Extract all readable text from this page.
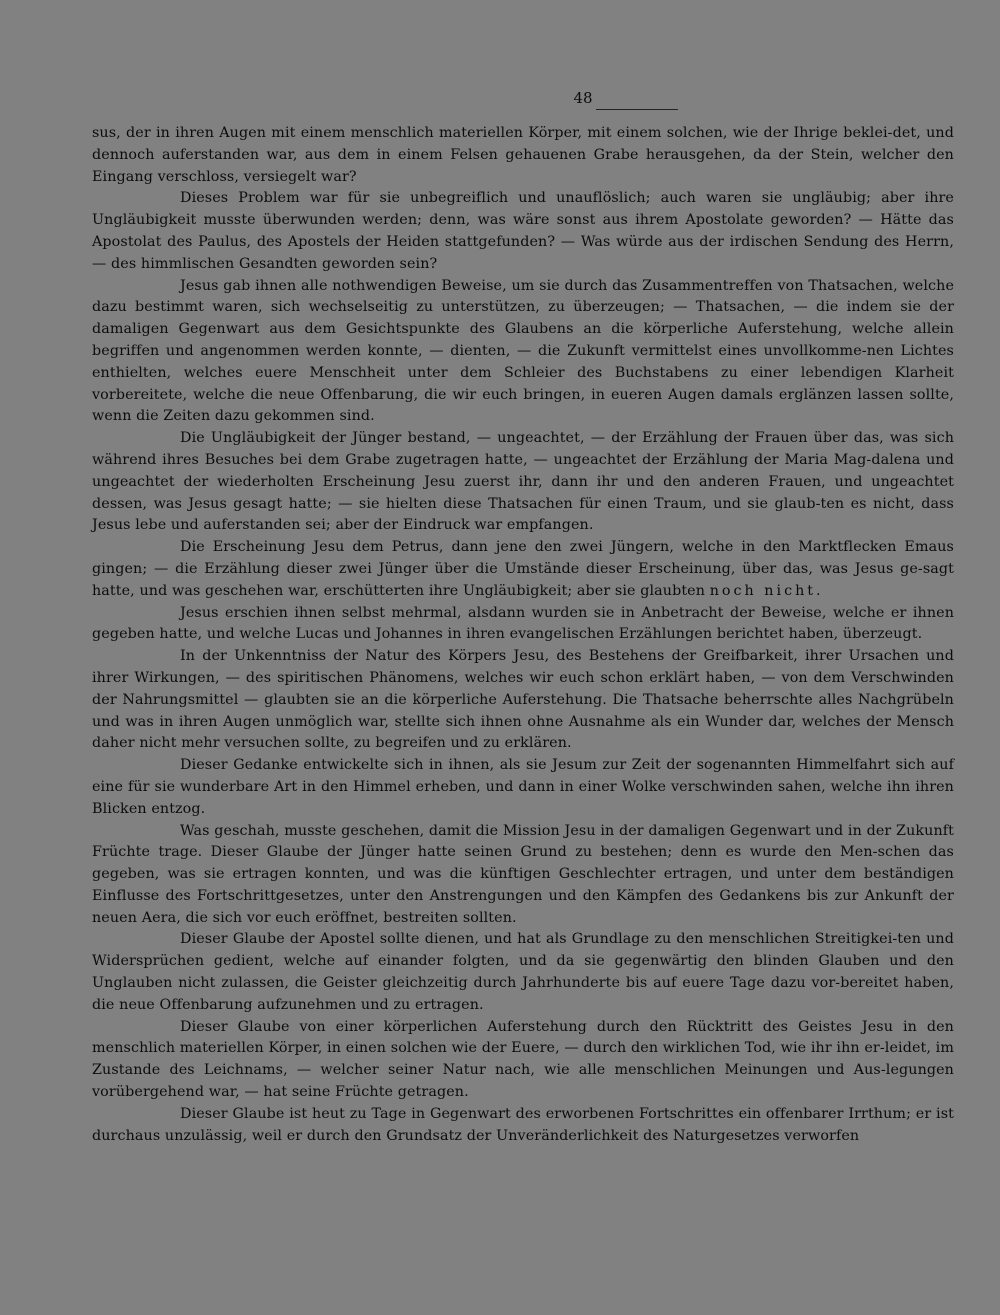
48

sus, der in ihren Augen mit einem menschlich materiellen Körper, mit einem solchen, wie der Ihrige beklei-det, und dennoch auferstanden war, aus dem in einem Felsen gehauenen Grabe herausgehen, da der Stein, welcher den Eingang verschloss, versiegelt war?

Dieses Problem war für sie unbegreiflich und unauflöslich; auch waren sie ungläubig; aber ihre Ungläubigkeit musste überwunden werden; denn, was wäre sonst aus ihrem Apostolate geworden? — Hätte das Apostolat des Paulus, des Apostels der Heiden stattgefunden? — Was würde aus der irdischen Sendung des Herrn, — des himmlischen Gesandten geworden sein?

Jesus gab ihnen alle nothwendigen Beweise, um sie durch das Zusammentreffen von Thatsachen, welche dazu bestimmt waren, sich wechselseitig zu unterstützen, zu überzeugen; — Thatsachen, — die indem sie der damaligen Gegenwart aus dem Gesichtspunkte des Glaubens an die körperliche Auferstehung, welche allein begriffen und angenommen werden konnte, — dienten, — die Zukunft vermittelst eines unvollkomme-nen Lichtes enthielten, welches euere Menschheit unter dem Schleier des Buchstabens zu einer lebendigen Klarheit vorbereitete, welche die neue Offenbarung, die wir euch bringen, in eueren Augen damals erglänzen lassen sollte, wenn die Zeiten dazu gekommen sind.

Die Ungläubigkeit der Jünger bestand, — ungeachtet, — der Erzählung der Frauen über das, was sich während ihres Besuches bei dem Grabe zugetragen hatte, — ungeachtet der Erzählung der Maria Mag-dalena und ungeachtet der wiederholten Erscheinung Jesu zuerst ihr, dann ihr und den anderen Frauen, und ungeachtet dessen, was Jesus gesagt hatte; — sie hielten diese Thatsachen für einen Traum, und sie glaub-ten es nicht, dass Jesus lebe und auferstanden sei; aber der Eindruck war empfangen.

Die Erscheinung Jesu dem Petrus, dann jene den zwei Jüngern, welche in den Marktflecken Emaus gingen; — die Erzählung dieser zwei Jünger über die Umstände dieser Erscheinung, über das, was Jesus ge-sagt hatte, und was geschehen war, erschütterten ihre Ungläubigkeit; aber sie glaubten noch nicht.

Jesus erschien ihnen selbst mehrmal, alsdann wurden sie in Anbetracht der Beweise, welche er ihnen gegeben hatte, und welche Lucas und Johannes in ihren evangelischen Erzählungen berichtet haben, überzeugt.

In der Unkenntniss der Natur des Körpers Jesu, des Bestehens der Greifbarkeit, ihrer Ursachen und ihrer Wirkungen, — des spiritischen Phänomens, welches wir euch schon erklärt haben, — von dem Verschwinden der Nahrungsmittel — glaubten sie an die körperliche Auferstehung. Die Thatsache beherrschte alles Nachgrübeln und was in ihren Augen unmöglich war, stellte sich ihnen ohne Ausnahme als ein Wunder dar, welches der Mensch daher nicht mehr versuchen sollte, zu begreifen und zu erklären.

Dieser Gedanke entwickelte sich in ihnen, als sie Jesum zur Zeit der sogenannten Himmelfahrt sich auf eine für sie wunderbare Art in den Himmel erheben, und dann in einer Wolke verschwinden sahen, welche ihn ihren Blicken entzog.

Was geschah, musste geschehen, damit die Mission Jesu in der damaligen Gegenwart und in der Zukunft Früchte trage. Dieser Glaube der Jünger hatte seinen Grund zu bestehen; denn es wurde den Men-schen das gegeben, was sie ertragen konnten, und was die künftigen Geschlechter ertragen, und unter dem beständigen Einflusse des Fortschrittgesetzes, unter den Anstrengungen und den Kämpfen des Gedankens bis zur Ankunft der neuen Aera, die sich vor euch eröffnet, bestreiten sollten.

Dieser Glaube der Apostel sollte dienen, und hat als Grundlage zu den menschlichen Streitigkei-ten und Widersprüchen gedient, welche auf einander folgten, und da sie gegenwärtig den blinden Glauben und den Unglauben nicht zulassen, die Geister gleichzeitig durch Jahrhunderte bis auf euere Tage dazu vor-bereitet haben, die neue Offenbarung aufzunehmen und zu ertragen.

Dieser Glaube von einer körperlichen Auferstehung durch den Rücktritt des Geistes Jesu in den menschlich materiellen Körper, in einen solchen wie der Euere, — durch den wirklichen Tod, wie ihr ihn er-leidet, im Zustande des Leichnams, — welcher seiner Natur nach, wie alle menschlichen Meinungen und Aus-legungen vorübergehend war, — hat seine Früchte getragen.

Dieser Glaube ist heut zu Tage in Gegenwart des erworbenen Fortschrittes ein offenbarer Irrthum; er ist durchaus unzulässig, weil er durch den Grundsatz der Unveränderlichkeit des Naturgesetzes verworfen
